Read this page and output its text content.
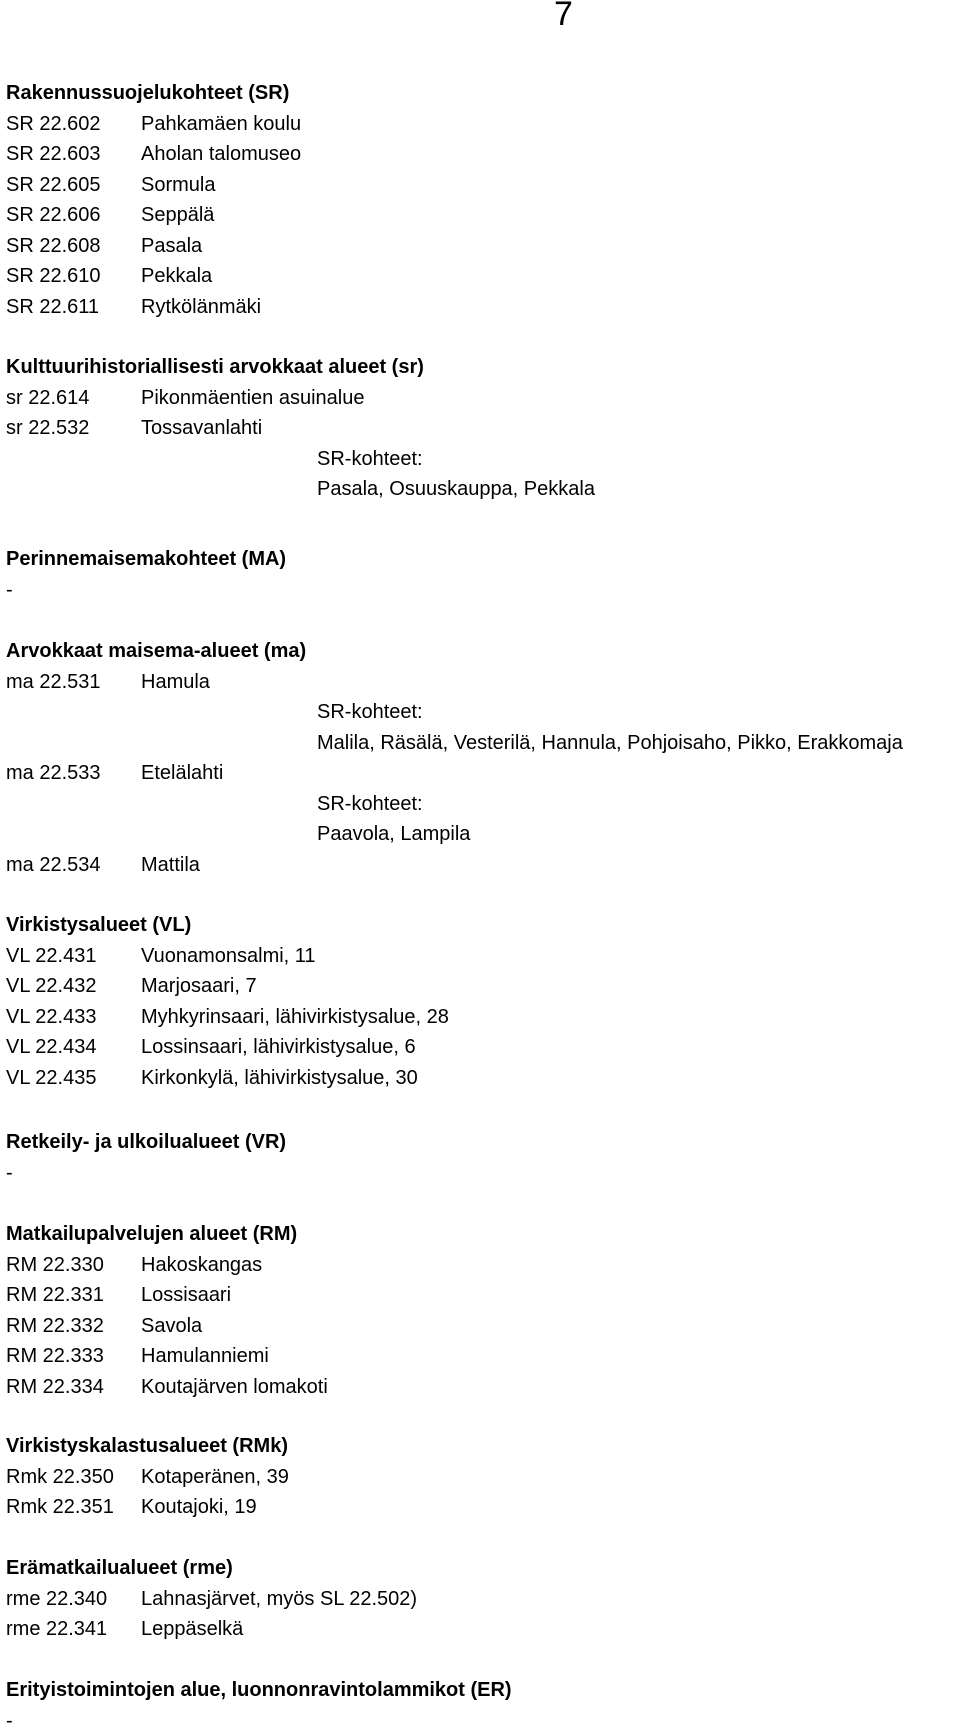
7
Rakennussuojelukohteet (SR)
SR 22.602 Pahkamäen koulu
SR 22.603 Aholan talomuseo
SR 22.605 Sormula
SR 22.606 Seppälä
SR 22.608 Pasala
SR 22.610 Pekkala
SR 22.611 Rytkölänmäki
Kulttuurihistoriallisesti arvokkaat alueet (sr)
sr 22.614	Pikonmäentien asuinalue
sr 22.532	Tossavanlahti
SR-kohteet:
Pasala, Osuuskauppa, Pekkala
Perinnemaisemakohteet (MA)
-
Arvokkaat maisema-alueet (ma)
ma 22.531 Hamula
SR-kohteet:
Malila, Räsälä, Vesterilä, Hannula, Pohjoisaho, Pikko, Erakkomaja
ma 22.533 Etelälahti
SR-kohteet:
Paavola, Lampila
ma 22.534 Mattila
Virkistysalueet (VL)
VL 22.431 Vuonamonsalmi, 11
VL 22.432 Marjosaari, 7
VL 22.433 Myhkyrinsaari, lähivirkistysalue, 28
VL 22.434 Lossinsaari, lähivirkistysalue, 6
VL 22.435 Kirkonkylä, lähivirkistysalue, 30
Retkeily- ja ulkoilualueet (VR)
-
Matkailupalvelujen alueet (RM)
RM 22.330 Hakoskangas
RM 22.331 Lossisaari
RM 22.332 Savola
RM 22.333 Hamulanniemi
RM 22.334 Koutajärven lomakoti
Virkistyskalastusalueet (RMk)
Rmk 22.350 Kotaperänen, 39
Rmk 22.351 Koutajoki, 19
Erämatkailualueet (rme)
rme 22.340 Lahnasjärvet, myös SL 22.502)
rme 22.341 Leppäselkä
Erityistoimintojen alue, luonnonravintolammikot (ER)
-
